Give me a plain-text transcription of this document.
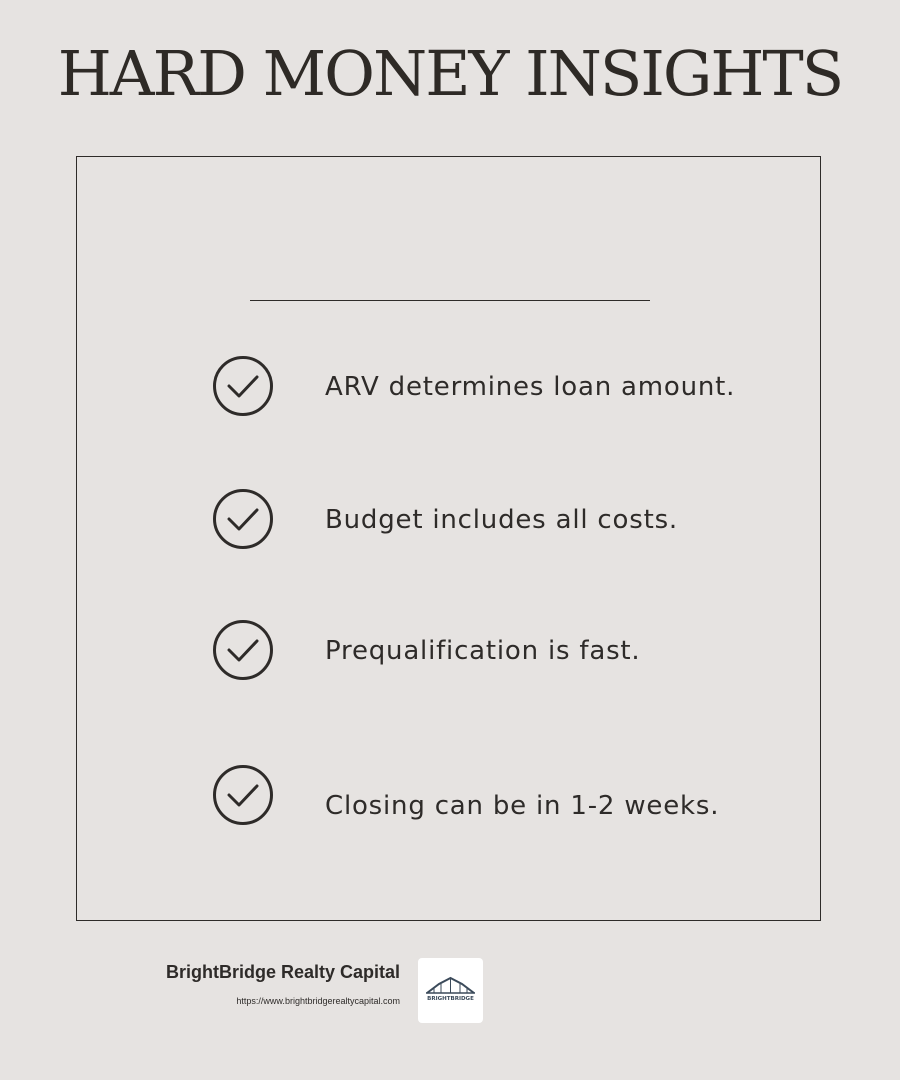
HARD MONEY INSIGHTS
ARV determines loan amount.
Budget includes all costs.
Prequalification is fast.
Closing can be in 1-2 weeks.
BrightBridge Realty Capital
https://www.brightbridgerealtycapital.com	BRIGHTBRIDGE
